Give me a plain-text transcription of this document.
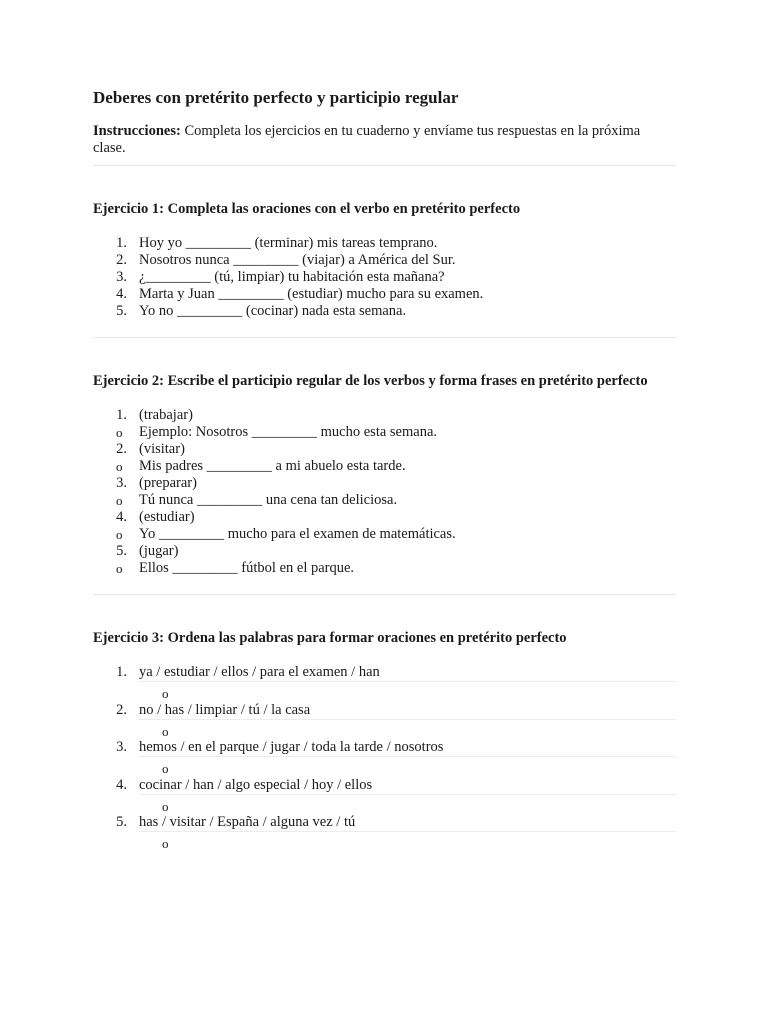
Deberes con pretérito perfecto y participio regular
Instrucciones: Completa los ejercicios en tu cuaderno y envíame tus respuestas en la próxima clase.
Ejercicio 1: Completa las oraciones con el verbo en pretérito perfecto
1. Hoy yo _________ (terminar) mis tareas temprano.
2. Nosotros nunca _________ (viajar) a América del Sur.
3. ¿_________ (tú, limpiar) tu habitación esta mañana?
4. Marta y Juan _________ (estudiar) mucho para su examen.
5. Yo no _________ (cocinar) nada esta semana.
Ejercicio 2: Escribe el participio regular de los verbos y forma frases en pretérito perfecto
1. (trabajar)
o Ejemplo: Nosotros _________ mucho esta semana.
2. (visitar)
o Mis padres _________ a mi abuelo esta tarde.
3. (preparar)
o Tú nunca _________ una cena tan deliciosa.
4. (estudiar)
o Yo _________ mucho para el examen de matemáticas.
5. (jugar)
o Ellos _________ fútbol en el parque.
Ejercicio 3: Ordena las palabras para formar oraciones en pretérito perfecto
1. ya / estudiar / ellos / para el examen / han
o
2. no / has / limpiar / tú / la casa
o
3. hemos / en el parque / jugar / toda la tarde / nosotros
o
4. cocinar / han / algo especial / hoy / ellos
o
5. has / visitar / España / alguna vez / tú
o
